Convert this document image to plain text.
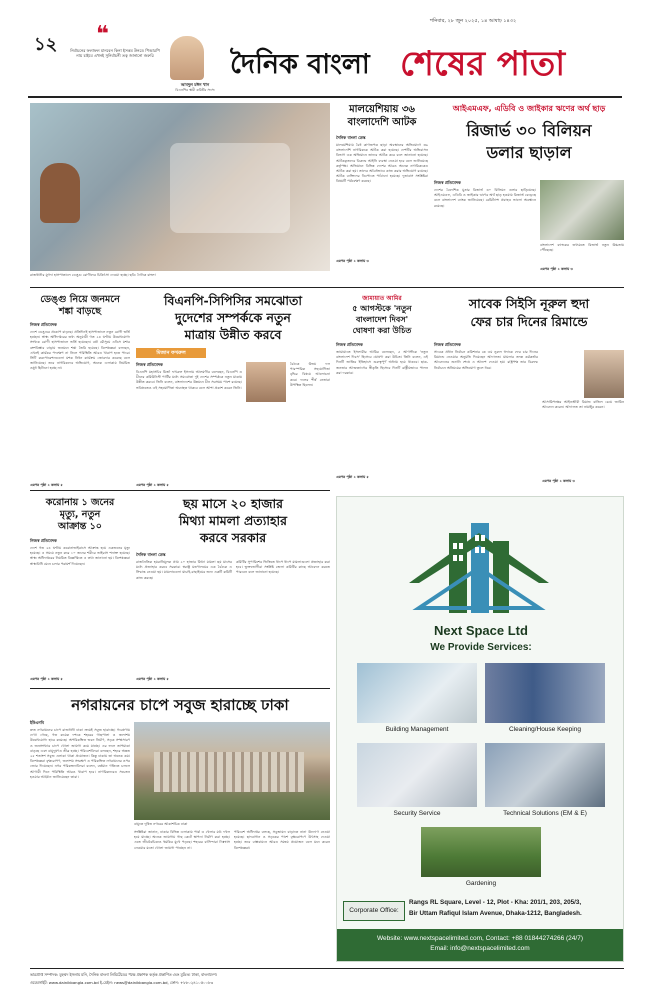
১২
শনিবার, ২৮ জুন ২০২৫, ১৪ আষাঢ় ১৪৩২
❝
নির্বাচনের ফলাফল মানবেন কিনা ইসকম উনডে পিআরপি নায় চাইবে এখনই সুনির্বাচনী তত্ব জানানো জরুরি
আবদুল মঈন খান
বিএনপির স্থায়ী কমিটির সদস্য
দৈনিক বাংলা শেষের পাতা
রাজধানীর মুগদা হাসপাতালে ডেঙ্গু রোগীদের চিকিৎসা দেওয়া হচ্ছে। ছবি: দৈনিক বাংলা
মালয়েশিয়ায় ৩৬ বাংলাদেশি আটক
দৈনিক বাংলা ডেস্ক
মালয়েশিয়ায় বৈধ কাগজপত্র ছাড়া অবস্থানের অভিযোগে ৩৬ বাংলাদেশি নাগরিককে আটক করা হয়েছে। দেশটির অভিবাসন বিভাগ এক অভিযানে তাদের আটক করে বলে জানানো হয়েছে। আটককৃতদের বিরুদ্ধে আইনি ব্যবস্থা নেওয়া হবে বলে জানিয়েছে কর্তৃপক্ষ। অভিযানে বিভিন্ন দেশের আরও অনেক নাগরিককেও আটক করা হয়। তাদের অবৈধভাবে কাজ করার অভিযোগ রয়েছে। আটক ব্যক্তিদের ডিপোতে পাঠানো হয়েছে। দূতাবাস সংশ্লিষ্টরা বিষয়টি পর্যবেক্ষণ করছে।
এরপর পৃষ্ঠা ২ কলাম ৩
আইএমএফ, এডিবি ও জাইকার ঋণের অর্থ ছাড়
রিজার্ভ ৩০ বিলিয়ন
ডলার ছাড়াল
নিজস্ব প্রতিবেদক
দেশের বৈদেশিক মুদ্রার রিজার্ভ ৩০ বিলিয়ন ডলার ছাড়িয়েছে। আইএমএফ, এডিবি ও জাইকার ঋণের অর্থ ছাড় হওয়ায় রিজার্ভ বেড়েছে বলে বাংলাদেশ ব্যাংক জানিয়েছে। রেমিট্যান্স প্রবাহও ভালো অবস্থানে রয়েছে।
বাংলাদেশ ব্যাংকের তথ্যমতে রিজার্ভ নতুন উচ্চতায় পৌঁছেছে।
এরপর পৃষ্ঠা ২ কলাম ৩
ডেঙ্গু নিয়ে জনমনে
শঙ্কা বাড়ছে
নিজস্ব প্রতিবেদক
দেশে ডেঙ্গুর প্রকোপ বাড়ছে। প্রতিদিনই হাসপাতালে নতুন রোগী ভর্তি হচ্ছেন। স্বাস্থ্য অধিদপ্তরের তথ্য অনুযায়ী গত ২৪ ঘণ্টায় উল্লেখযোগ্য সংখ্যক রোগী হাসপাতালে ভর্তি হয়েছেন। বর্ষা মৌসুমে এডিস মশার বংশবিস্তার বাড়ায় জনমনে শঙ্কা তৈরি হয়েছে। বিশেষজ্ঞরা বলছেন, এখনই কার্যকর পদক্ষেপ না নিলে পরিস্থিতি আরও খারাপ হতে পারে। সিটি করপোরেশনগুলো মশক নিধন কার্যক্রম জোরদার করেছে বলে জানিয়েছে। তবে নাগরিকদের অভিযোগ, অনেক এলাকায় নিয়মিত ওষুধ ছিটানো হচ্ছে না।
এরপর পৃষ্ঠা ২ কলাম ৫
বিএনপি-সিপিসির সমঝোতা
দুদেশের সম্পর্ককে নতুন
মাত্রায় উন্নীত করবে
মিজান ফখরুল
নিজস্ব প্রতিবেদক
বিএনপি মহাসচিব মির্জা ফখরুল ইসলাম আলমগীর বলেছেন, বিএনপি ও চীনের কমিউনিস্ট পার্টির মধ্যে সমঝোতা দুই দেশের সম্পর্ককে নতুন মাত্রায় উন্নীত করবে। তিনি বলেন, বাংলাদেশের উন্নয়নে চীন সবসময় পাশে রয়েছে। ভবিষ্যতেও এই সহযোগিতা অব্যাহত থাকবে বলে আশা প্রকাশ করেন তিনি।
বৈঠকে উভয় দল পারস্পরিক সহযোগিতা বৃদ্ধির বিষয়ে আলোচনা করে। দলের শীর্ষ নেতারা উপস্থিত ছিলেন।
এরপর পৃষ্ঠা ২ কলাম ৫
জামায়াত আমির
৫ আগস্টকে 'নতুন
বাংলাদেশ দিবস'
ঘোষণা করা উচিত
নিজস্ব প্রতিবেদক
জামায়াতে ইসলামীর আমির বলেছেন, ৫ আগস্টকে 'নতুন বাংলাদেশ দিবস' হিসেবে ঘোষণা করা উচিত। তিনি বলেন, এই দিনটি জাতির ইতিহাসে গুরুত্বপূর্ণ অধ্যায় হয়ে থাকবে। ছাত্র-জনতার আত্মত্যাগের স্বীকৃতি হিসেবে দিনটি রাষ্ট্রীয়ভাবে পালন করা দরকার।
এরপর পৃষ্ঠা ২ কলাম ৫
সাবেক সিইসি নূরুল হুদা
ফের চার দিনের রিমান্ডে
নিজস্ব প্রতিবেদক
সাবেক প্রধান নির্বাচন কমিশনার কে এম নূরুল হুদাকে ফের চার দিনের রিমান্ডে নেওয়ার অনুমতি দিয়েছেন আদালত। মামলার তদন্ত কর্মকর্তার আবেদনের শুনানি শেষে এ আদেশ দেওয়া হয়। রাষ্ট্রপক্ষ তার বিরুদ্ধে নির্বাচনে অনিয়মের অভিযোগ তুলে ধরে।
আসামিপক্ষের আইনজীবী রিমান্ড বাতিল চেয়ে জামিন আবেদন করেন। আদালত তা নামঞ্জুর করেন।
এরপর পৃষ্ঠা ২ কলাম ৩
করোনায় ১ জনের
মৃত্যু, নতুন
আক্রান্ত ১০
নিজস্ব প্রতিবেদক
দেশে গত ২৪ ঘণ্টায় করোনাভাইরাসে আক্রান্ত হয়ে একজনের মৃত্যু হয়েছে। এ সময়ে নতুন করে ১০ জনের শরীরে ভাইরাস শনাক্ত হয়েছে। স্বাস্থ্য অধিদপ্তরের নিয়মিত বিজ্ঞপ্তিতে এ তথ্য জানানো হয়। বিশেষজ্ঞরা স্বাস্থ্যবিধি মেনে চলার পরামর্শ দিয়েছেন।
এরপর পৃষ্ঠা ২ কলাম ৫
ছয় মাসে ২০ হাজার
মিথ্যা মামলা প্রত্যাহার
করবে সরকার
দৈনিক বাংলা ডেস্ক
রাজনৈতিক হয়রানিমূলক প্রায় ২০ হাজার মিথ্যা মামলা ছয় মাসের মধ্যে প্রত্যাহার করবে সরকার। স্বরাষ্ট্র মন্ত্রণালয়ের এক বৈঠকে এ সিদ্ধান্ত নেওয়া হয়। মামলাগুলো যাচাই-বাছাইয়ের জন্য একটি কমিটি কাজ করছে।
কমিটির সুপারিশের ভিত্তিতে ধাপে ধাপে মামলাগুলো প্রত্যাহার করা হবে। ভুক্তভোগীরা সংশ্লিষ্ট জেলা কমিটির কাছে আবেদন করতে পারবেন বলে জানানো হয়েছে।
এরপর পৃষ্ঠা ২ কলাম ৫
নগরায়নের চাপে সবুজ হারাচ্ছে ঢাকা
ইউএনবি
দ্রুত নগরায়নের চাপে রাজধানী ঢাকা ক্রমেই সবুজ হারাচ্ছে। গবেষণায় দেখা গেছে, গত কয়েক দশকে শহরের গাছপালা ও জলাশয় উল্লেখযোগ্য হারে কমেছে। অপরিকল্পিত ভবন নির্মাণ, সড়ক সম্প্রসারণ ও জনসংখ্যার চাপে খোলা জায়গা কমে যাচ্ছে। এর ফলে তাপমাত্রা বাড়ছে এবং বায়ুদূষণও তীব্র হচ্ছে। পরিবেশবিদরা বলছেন, শহরে অন্তত ২৫ শতাংশ সবুজ এলাকা থাকা প্রয়োজন। কিন্তু ঢাকায় তা অনেক কম। বিশেষজ্ঞরা বৃক্ষরোপণ, জলাশয় সংরক্ষণ ও পরিকল্পিত নগরায়নের ওপর জোর দিয়েছেন। নগর পরিকল্পনাবিদরা বলেন, বর্তমান গতিতে চললে আগামী দিনে পরিস্থিতি আরও খারাপ হবে। নাগরিকদেরও সচেতন হওয়ার আহ্বান জানিয়েছেন তারা।
বায়ুতে দূষিত নগরের আকাশচিত্র ঢাকা
সংশ্লিষ্টরা জানান, ঢাকার বিভিন্ন এলাকায় পার্ক ও খেলার মাঠ দখল হয়ে যাচ্ছে। অনেক জায়গায় গাছ কেটে স্থাপনা নির্মাণ করা হচ্ছে। এতে জীববৈচিত্র্যও হুমকির মুখে পড়ছে। শহরের বাসিন্দারা নিঃশ্বাস নেওয়ার মতো খোলা জায়গা পাচ্ছেন না।
পরিবেশ অধিদপ্তর বলছে, সবুজায়ন বাড়াতে নানা উদ্যোগ নেওয়া হয়েছে। ছাদবাগান ও সড়কের পাশে বৃক্ষরোপণে উৎসাহ দেওয়া হচ্ছে। তবে বাস্তবায়নে আরও সমন্বয় প্রয়োজন বলে মনে করেন বিশেষজ্ঞরা।
Next Space Ltd
We Provide Services:
Building Management	Cleaning/House Keeping
Security Service	Technical Solutions (EM & E)
Gardening
Corporate Office:
Rangs RL Square, Level - 12, Plot - Kha: 201/1, 203, 205/3,
Bir Uttam Rafiqul Islam Avenue, Dhaka-1212, Bangladesh.
Website: www.nextspacelimited.com, Contact: +88 01844274266 (24/7)
Email: info@nextspacelimited.com
ভারপ্রাপ্ত সম্পাদক: মুহম্মদ ইসলাম মনি, দৈনিক বাংলা লিমিটেডের পক্ষে প্রকাশক কর্তৃক প্রকাশিত এবং মুদ্রিত। ঢাকা, বাংলাদেশ।
ওয়েবসাইট: www.dainikbangla.com.bd ই-মেইল: news@dainikbangla.com.bd, ফোন: +৮৮০২৪১০৫০০৮৩
